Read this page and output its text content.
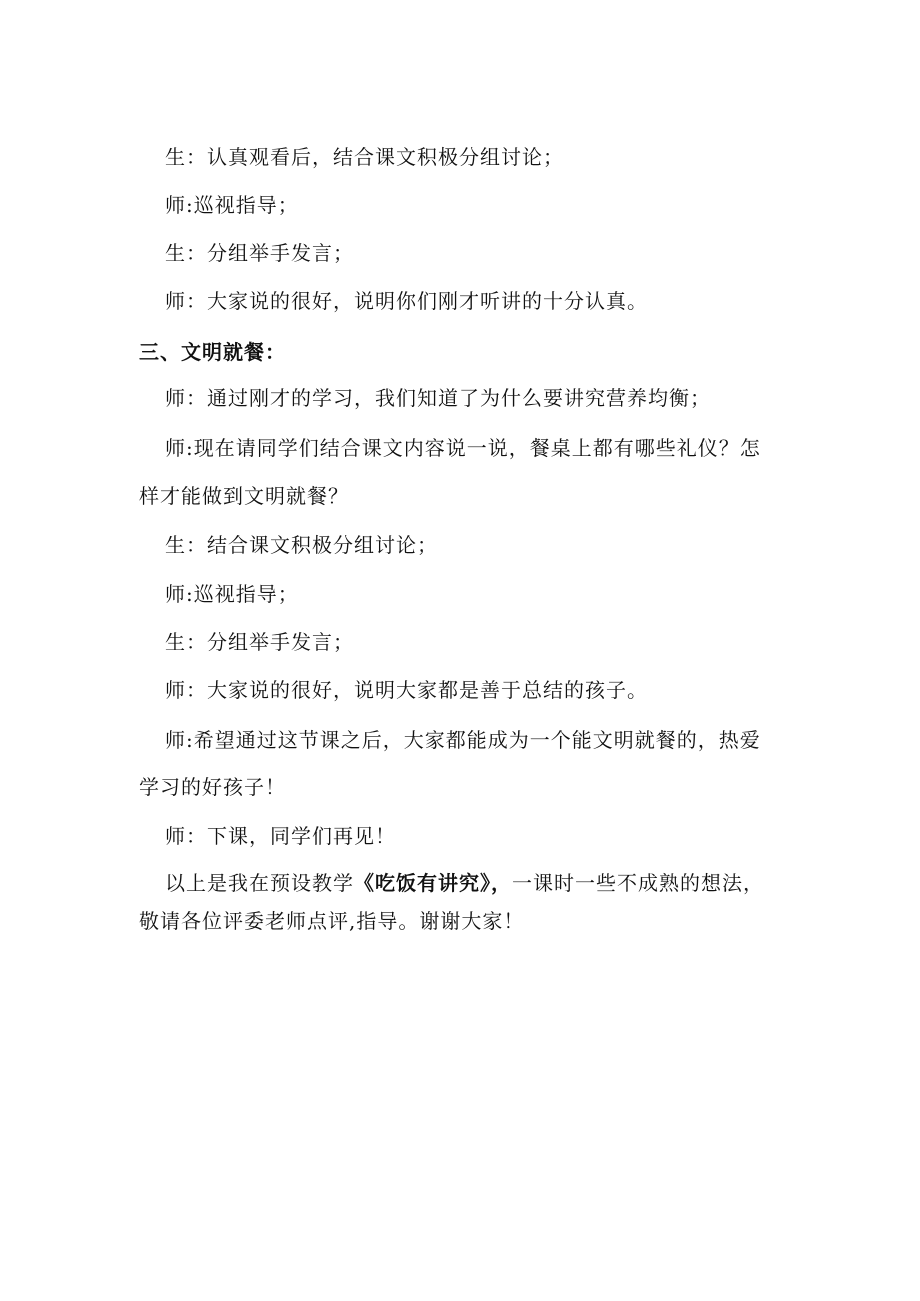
生：认真观看后，结合课文积极分组讨论；
师:巡视指导；
生：分组举手发言；
师：大家说的很好，说明你们刚才听讲的十分认真。
三、文明就餐：
师：通过刚才的学习，我们知道了为什么要讲究营养均衡；
师:现在请同学们结合课文内容说一说，餐桌上都有哪些礼仪？怎
样才能做到文明就餐？
生：结合课文积极分组讨论；
师:巡视指导；
生：分组举手发言；
师：大家说的很好，说明大家都是善于总结的孩子。
师:希望通过这节课之后，大家都能成为一个能文明就餐的，热爱
学习的好孩子！
师：下课，同学们再见！
以上是我在预设教学《吃饭有讲究》，一课时一些不成熟的想法，
敬请各位评委老师点评,指导。谢谢大家！
